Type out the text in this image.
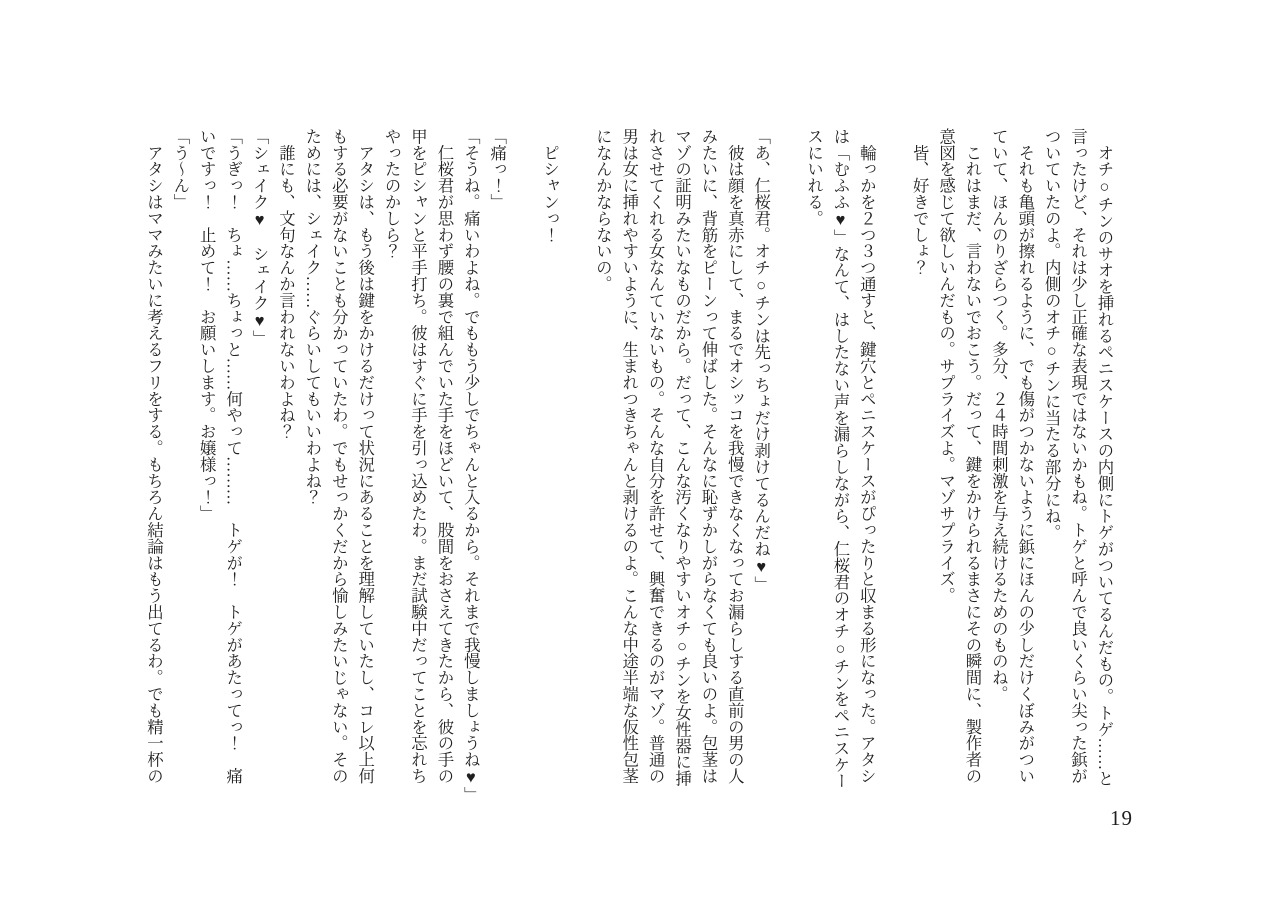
　オチ○チンのサオを挿れるペニスケースの内側にトゲがついてるんだもの。トゲ……と
言ったけど、それは少し正確な表現ではないかもね。トゲと呼んで良いくらい尖った鋲が
ついていたのよ。内側のオチ○チンに当たる部分にね。
　それも亀頭が擦れるように、でも傷がつかないように鋲にほんの少しだけくぼみがつい
ていて、ほんのりざらつく。多分、２４時間刺激を与え続けるためのものね。
　これはまだ、言わないでおこう。だって、鍵をかけられるまさにその瞬間に、製作者の
意図を感じて欲しいんだもの。サプライズよ。マゾサプライズ。
　皆、好きでしょ？

　輪っかを２つ３つ通すと、鍵穴とペニスケースがぴったりと収まる形になった。アタシ
は「むふふ♥」なんて、はしたない声を漏らしながら、仁桜君のオチ○チンをペニスケー
スにいれる。

「あ、仁桜君。オチ○チンは先っちょだけ剥けてるんだね♥」
　彼は顔を真赤にして、まるでオシッコを我慢できなくなってお漏らしする直前の男の人
みたいに、背筋をピーンって伸ばした。そんなに恥ずかしがらなくても良いのよ。包茎は
マゾの証明みたいなものだから。だって、こんな汚くなりやすいオチ○チンを女性器に挿
れさせてくれる女なんていないもの。そんな自分を許せて、興奮できるのがマゾ。普通の
男は女に挿れやすいように、生まれつきちゃんと剥けるのよ。こんな中途半端な仮性包茎
になんかならないの。

　ピシャンっ！

「痛っ！」
「そうね。痛いわよね。でももう少しでちゃんと入るから。それまで我慢しましょうね♥」
　仁桜君が思わず腰の裏で組んでいた手をほどいて、股間をおさえてきたから、彼の手の
甲をピシャンと平手打ち。彼はすぐに手を引っ込めたわ。まだ試験中だってことを忘れち
やったのかしら？
　アタシは、もう後は鍵をかけるだけって状況にあることを理解していたし、コレ以上何
もする必要がないことも分かっていたわ。でもせっかくだから愉しみたいじゃない。その
ためには、シェイク……ぐらいしてもいいわよね？
　誰にも、文句なんか言われないわよね？
「シェイク♥　シェイク♥」
「うぎっ！　ちょ……ちょっと……何やって………　トゲが！　トゲがあたってっ！　痛
いですっ！　止めて！　お願いします。お嬢様っ！」
「う〜ん」
　アタシはママみたいに考えるフリをする。もちろん結論はもう出てるわ。でも精一杯の
19
